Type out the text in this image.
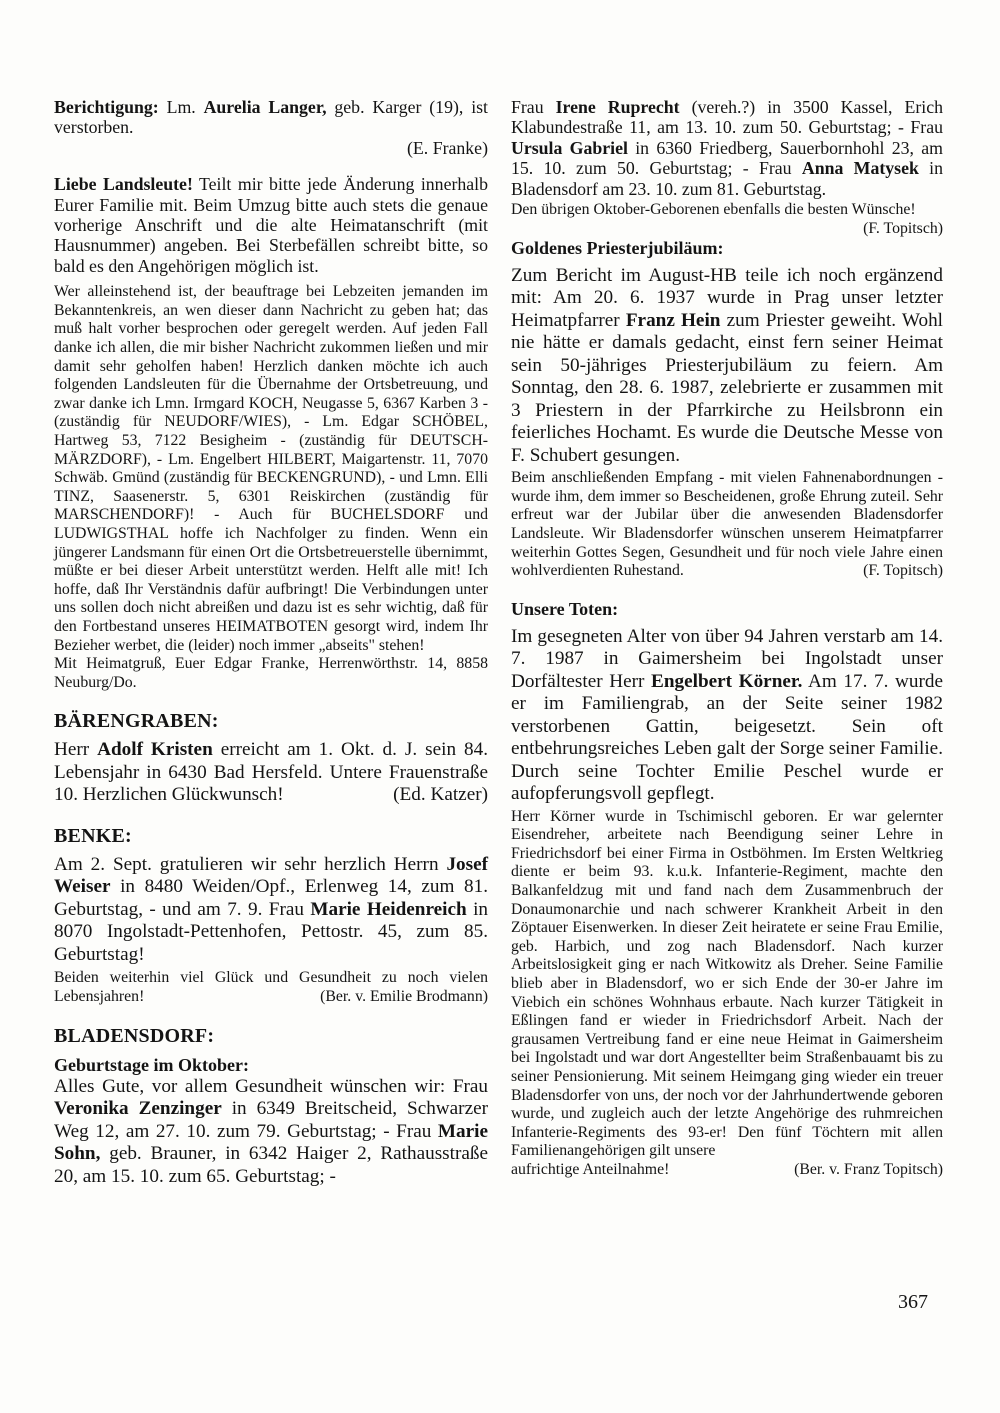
Berichtigung: Lm. Aurelia Langer, geb. Karger (19), ist verstorben.

(E. Franke)

Liebe Landsleute! Teilt mir bitte jede Änderung innerhalb Eurer Familie mit. Beim Umzug bitte auch stets die genaue vorherige Anschrift und die alte Heimatanschrift (mit Hausnummer) angeben. Bei Sterbefällen schreibt bitte, so bald es den Angehörigen möglich ist.

Wer alleinstehend ist, der beauftrage bei Lebzeiten jemanden im Bekanntenkreis, an wen dieser dann Nachricht zu geben hat; das muß halt vorher besprochen oder geregelt werden. Auf jeden Fall danke ich allen, die mir bisher Nachricht zukommen ließen und mir damit sehr geholfen haben! Herzlich danken möchte ich auch folgenden Landsleuten für die Übernahme der Ortsbetreuung, und zwar danke ich Lmn. Irmgard KOCH, Neugasse 5, 6367 Karben 3 - (zuständig für NEUDORF/WIES), - Lm. Edgar SCHÖBEL, Hartweg 53, 7122 Besigheim - (zuständig für DEUTSCH-MÄRZDORF), - Lm. Engelbert HILBERT, Maigartenstr. 11, 7070 Schwäb. Gmünd (zuständig für BECKENGRUND), - und Lmn. Elli TINZ, Saasenerstr. 5, 6301 Reiskirchen (zuständig für MARSCHENDORF)! - Auch für BUCHELSDORF und LUDWIGSTHAL hoffe ich Nachfolger zu finden. Wenn ein jüngerer Landsmann für einen Ort die Ortsbetreuerstelle übernimmt, müßte er bei dieser Arbeit unterstützt werden. Helft alle mit! Ich hoffe, daß Ihr Verständnis dafür aufbringt! Die Verbindungen unter uns sollen doch nicht abreißen und dazu ist es sehr wichtig, daß für den Fortbestand unseres HEIMATBOTEN gesorgt wird, indem Ihr Bezieher werbet, die (leider) noch immer „abseits" stehen!

Mit Heimatgruß, Euer Edgar Franke, Herrenwörthstr. 14, 8858 Neuburg/Do.

BÄRENGRABEN:

Herr Adolf Kristen erreicht am 1. Okt. d. J. sein 84. Lebensjahr in 6430 Bad Hersfeld. Untere Frauenstraße 10. Herzlichen Glückwunsch!	(Ed. Katzer)

BENKE:

Am 2. Sept. gratulieren wir sehr herzlich Herrn Josef Weiser in 8480 Weiden/Opf., Erlenweg 14, zum 81. Geburtstag, - und am 7. 9. Frau Marie Heidenreich in 8070 Ingolstadt-Pettenhofen, Pettostr. 45, zum 85. Geburtstag!

Beiden weiterhin viel Glück und Gesundheit zu noch vielen Lebensjahren!	(Ber. v. Emilie Brodmann)

BLADENSDORF:
Geburtstage im Oktober:

Alles Gute, vor allem Gesundheit wünschen wir: Frau Veronika Zenzinger in 6349 Breitscheid, Schwarzer Weg 12, am 27. 10. zum 79. Geburtstag; - Frau Marie Sohn, geb. Brauner, in 6342 Haiger 2, Rathausstraße 20, am 15. 10. zum 65. Geburtstag; -

Frau Irene Ruprecht (vereh.?) in 3500 Kassel, Erich Klabundestraße 11, am 13. 10. zum 50. Geburtstag; - Frau Ursula Gabriel in 6360 Friedberg, Sauerbornhohl 23, am 15. 10. zum 50. Geburtstag; - Frau Anna Matysek in Bladensdorf am 23. 10. zum 81. Geburtstag.

Den übrigen Oktober-Geborenen ebenfalls die besten Wünsche!
(F. Topitsch)

Goldenes Priesterjubiläum:

Zum Bericht im August-HB teile ich noch ergänzend mit: Am 20. 6. 1937 wurde in Prag unser letzter Heimatpfarrer Franz Hein zum Priester geweiht. Wohl nie hätte er damals gedacht, einst fern seiner Heimat sein 50-jähriges Priesterjubiläum zu feiern. Am Sonntag, den 28. 6. 1987, zelebrierte er zusammen mit 3 Priestern in der Pfarrkirche zu Heilsbronn ein feierliches Hochamt. Es wurde die Deutsche Messe von F. Schubert gesungen.

Beim anschließenden Empfang - mit vielen Fahnenabordnungen - wurde ihm, dem immer so Bescheidenen, große Ehrung zuteil. Sehr erfreut war der Jubilar über die anwesenden Bladensdorfer Landsleute. Wir Bladensdorfer wünschen unserem Heimatpfarrer weiterhin Gottes Segen, Gesundheit und für noch viele Jahre einen wohlverdienten Ruhestand.	(F. Topitsch)

Unsere Toten:

Im gesegneten Alter von über 94 Jahren verstarb am 14. 7. 1987 in Gaimersheim bei Ingolstadt unser Dorfältester Herr Engelbert Körner. Am 17. 7. wurde er im Familiengrab, an der Seite seiner 1982 verstorbenen Gattin, beigesetzt. Sein oft entbehrungsreiches Leben galt der Sorge seiner Familie. Durch seine Tochter Emilie Peschel wurde er aufopferungsvoll gepflegt.

Herr Körner wurde in Tschimischl geboren. Er war gelernter Eisendreher, arbeitete nach Beendigung seiner Lehre in Friedrichsdorf bei einer Firma in Ostböhmen. Im Ersten Weltkrieg diente er beim 93. k.u.k. Infanterie-Regiment, machte den Balkanfeldzug mit und fand nach dem Zusammenbruch der Donaumonarchie und nach schwerer Krankheit Arbeit in den Zöptauer Eisenwerken. In dieser Zeit heiratete er seine Frau Emilie, geb. Harbich, und zog nach Bladensdorf. Nach kurzer Arbeitslosigkeit ging er nach Witkowitz als Dreher. Seine Familie blieb aber in Bladensdorf, wo er sich Ende der 30-er Jahre im Viebich ein schönes Wohnhaus erbaute. Nach kurzer Tätigkeit in Eßlingen fand er wieder in Friedrichsdorf Arbeit. Nach der grausamen Vertreibung fand er eine neue Heimat in Gaimersheim bei Ingolstadt und war dort Angestellter beim Straßenbauamt bis zu seiner Pensionierung. Mit seinem Heimgang ging wieder ein treuer Bladensdorfer von uns, der noch vor der Jahrhundertwende geboren wurde, und zugleich auch der letzte Angehörige des ruhmreichen Infanterie-Regiments des 93-er! Den fünf Töchtern mit allen Familienangehörigen gilt unsere

aufrichtige Anteilnahme!	(Ber. v. Franz Topitsch)
367
